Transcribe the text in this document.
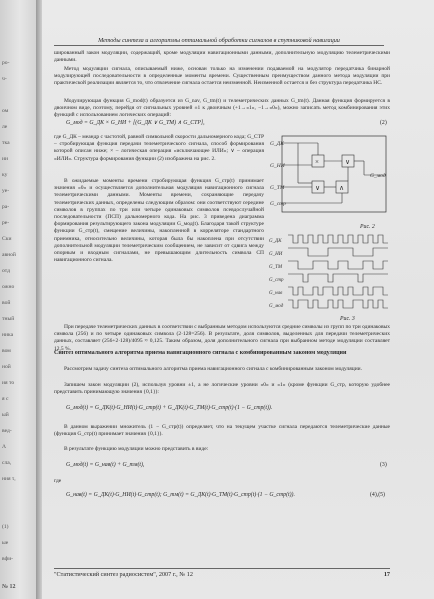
ро-
ч-
ом
ле
тка
ии
ку
уе-
ра-
ре-
Ски
авной
отд
ожно
вой
тный
ника
вом
ной
ия то
я с
ый
вед-
Λ
сла,
ния τ,
(1)
ые
вфи-
№ 12
Методы синтеза и алгоритмы оптимальной обработки сигналов в спутниковой навигации
шированный закон модуляции, содержащий, кроме модуляции навигационными данными, дополнительную модуляцию телеметрическими данными.
Метод модуляции сигнала, описываемый ниже, основан только на изменении подаваемой на модулятор передатчика бинарной модулирующей последовательности в определенные моменты времени. Существенным преимуществом данного метода модуляции при практической реализации является то, что отвлечение сигнала остается неизменной. Неизменной остается и без структура передатчика НС.
Модулирующая функция G_mod(t) образуется из G_nav, G_tm(t) и телеметрических данных G_tm(t). Данная функция формируется в двоичном виде, поэтому, перейдя от сигнальных уровней ±1 к двоичным (+1→«1», −1→«0»), можно записать метод комбинирования этих функций с использованием логических операций:
G_мод = G_ДК × G_НИ + [(G_ДК ∨ G_ТМ) ∧ G_СТР],	(2)
где G_ДК – меандр с частотой, равной символьной скорости дальномерного кода; G_СТР – стробирующая функция передачи телеметрического сигнала, способ формирования которой описан ниже; × – логическая операция «исключающее ИЛИ»; ∨ – операция «ИЛИ». Структура формирования функции (2) изображена на рис. 2.
В ожидаемые моменты времени стробирующая функция G_стр(t) принимает значения «0» и осуществляется дополнительная модуляция навигационного сигнала телеметрическими данными. Моменты времени, сохраняющие передачу телеметрических данных, определены следующим образом: они соответствуют середине символов в группах по три или четыре одинаковых символов псевдослучайной последовательности (ПСП) дальномерного кода. На рис. 3 приведена диаграмма формирования результирующего закона модуляции G_мод(t). Благодаря такой структуре функции G_стр(t), смещение величины, накопленной в корреляторе стандартного приемника, относительно величины, которая была бы накоплена при отсутствии дополнительной модуляции телеметрическим сообщением, не зависит от сдвига между опорным и входным сигналами, не превышающим длительность символа СП навигационного сигнала.
G_ДК
G_НИ
G_ТМ
G_стр
G_мод
×	∨
∨	∧
Рис. 2
G_ДК
G_НИ
G_ТМ
G_стр
G_нав
G_мод
Рис. 3
При передаче телеметрических данных в соответствии с выбранным методом используются средние символы из групп по три одинаковых символа (256) и по четыре одинаковых символа (2·128=256). В результате, доля символов, выделенных для передачи телеметрических данных, составляет (256+2·128)/4095 ≈ 0,125. Таким образом, доля дополнительного сигнала при выбранном методе модуляции составляет 12,5 %.
Синтез оптимального алгоритма приема навигационного сигнала с комбинированным законом модуляции
Рассмотрим задачу синтеза оптимального алгоритма приема навигационного сигнала с комбинированным законом модуляции.
Запишем закон модуляции (2), используя уровни ±1, а не логические уровни «0» и «1» (кроме функции G_стр, которую удобнее представить принимающую значения {0,1}):
G_мод(t) = G_ДК(t)·G_НИ(t)·G_стр(t) + G_ДК(t)·G_ТМ(t)·G_стр(t)·(1 − G_стр(t)).
В данном выражении множитель (1 − G_стр(t)) определяет, что на текущем участке сигнала передаются телеметрические данные (функция G_стр(t) принимает значения {0,1}).
В результате функцию модуляции можно представить в виде:
G_мод(t) = G_нав(t) + G_тм(t),	(3)
где
G_нав(t) = G_ДК(t)·G_НИ(t)·G_стр(t); G_тм(t) = G_ДК(t)·G_ТМ(t)·G_стр(t)·(1 − G_стр(t)).	(4),(5)
"Статистический синтез радиосистем", 2007 г., № 12	17
